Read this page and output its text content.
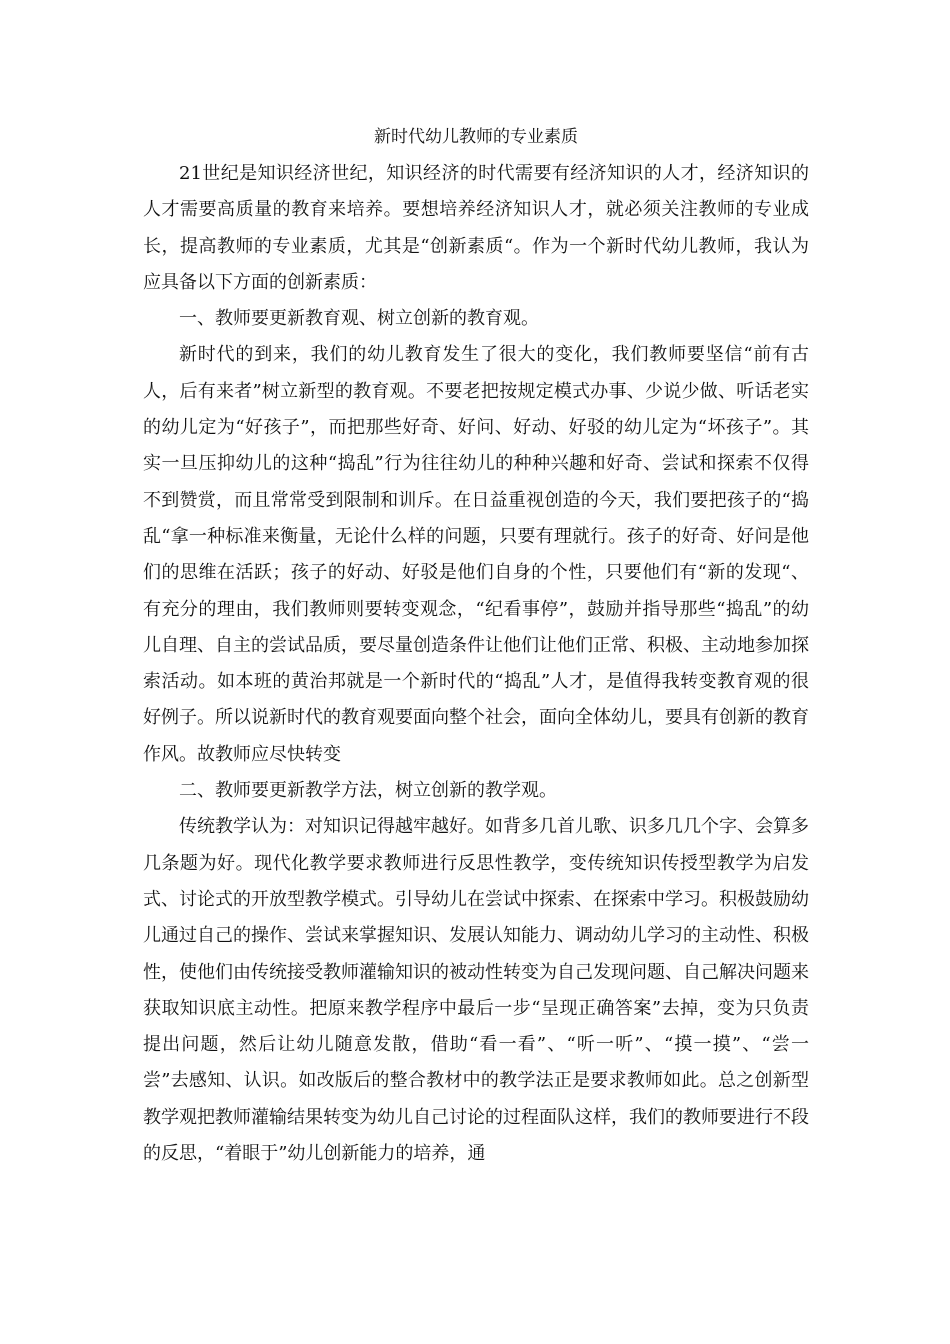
新时代幼儿教师的专业素质

21世纪是知识经济世纪，知识经济的时代需要有经济知识的人才，经济知识的人才需要高质量的教育来培养。要想培养经济知识人才，就必须关注教师的专业成长，提高教师的专业素质，尤其是“创新素质“。作为一个新时代幼儿教师，我认为应具备以下方面的创新素质：

一、教师要更新教育观、树立创新的教育观。

新时代的到来，我们的幼儿教育发生了很大的变化，我们教师要坚信“前有古人，后有来者”树立新型的教育观。不要老把按规定模式办事、少说少做、听话老实的幼儿定为“好孩子”，而把那些好奇、好问、好动、好驳的幼儿定为“坏孩子”。其实一旦压抑幼儿的这种“捣乱”行为往往幼儿的种种兴趣和好奇、尝试和探索不仅得不到赞赏，而且常常受到限制和训斥。在日益重视创造的今天，我们要把孩子的“捣乱“拿一种标准来衡量，无论什么样的问题，只要有理就行。孩子的好奇、好问是他们的思维在活跃；孩子的好动、好驳是他们自身的个性，只要他们有“新的发现“、有充分的理由，我们教师则要转变观念，“纪看事停”，鼓励并指导那些“捣乱”的幼儿自理、自主的尝试品质，要尽量创造条件让他们让他们正常、积极、主动地参加探索活动。如本班的黄治邦就是一个新时代的“捣乱”人才，是值得我转变教育观的很好例子。所以说新时代的教育观要面向整个社会，面向全体幼儿，要具有创新的教育作风。故教师应尽快转变

二、教师要更新教学方法，树立创新的教学观。

传统教学认为：对知识记得越牢越好。如背多几首儿歌、识多几几个字、会算多几条题为好。现代化教学要求教师进行反思性教学，变传统知识传授型教学为启发式、讨论式的开放型教学模式。引导幼儿在尝试中探索、在探索中学习。积极鼓励幼儿通过自己的操作、尝试来掌握知识、发展认知能力、调动幼儿学习的主动性、积极性，使他们由传统接受教师灌输知识的被动性转变为自己发现问题、自己解决问题来获取知识底主动性。把原来教学程序中最后一步“呈现正确答案”去掉，变为只负责提出问题，然后让幼儿随意发散，借助“看一看”、“听一听”、“摸一摸”、“尝一尝”去感知、认识。如改版后的整合教材中的教学法正是要求教师如此。总之创新型教学观把教师灌输结果转变为幼儿自己讨论的过程面队这样，我们的教师要进行不段的反思，“着眼于”幼儿创新能力的培养，通
